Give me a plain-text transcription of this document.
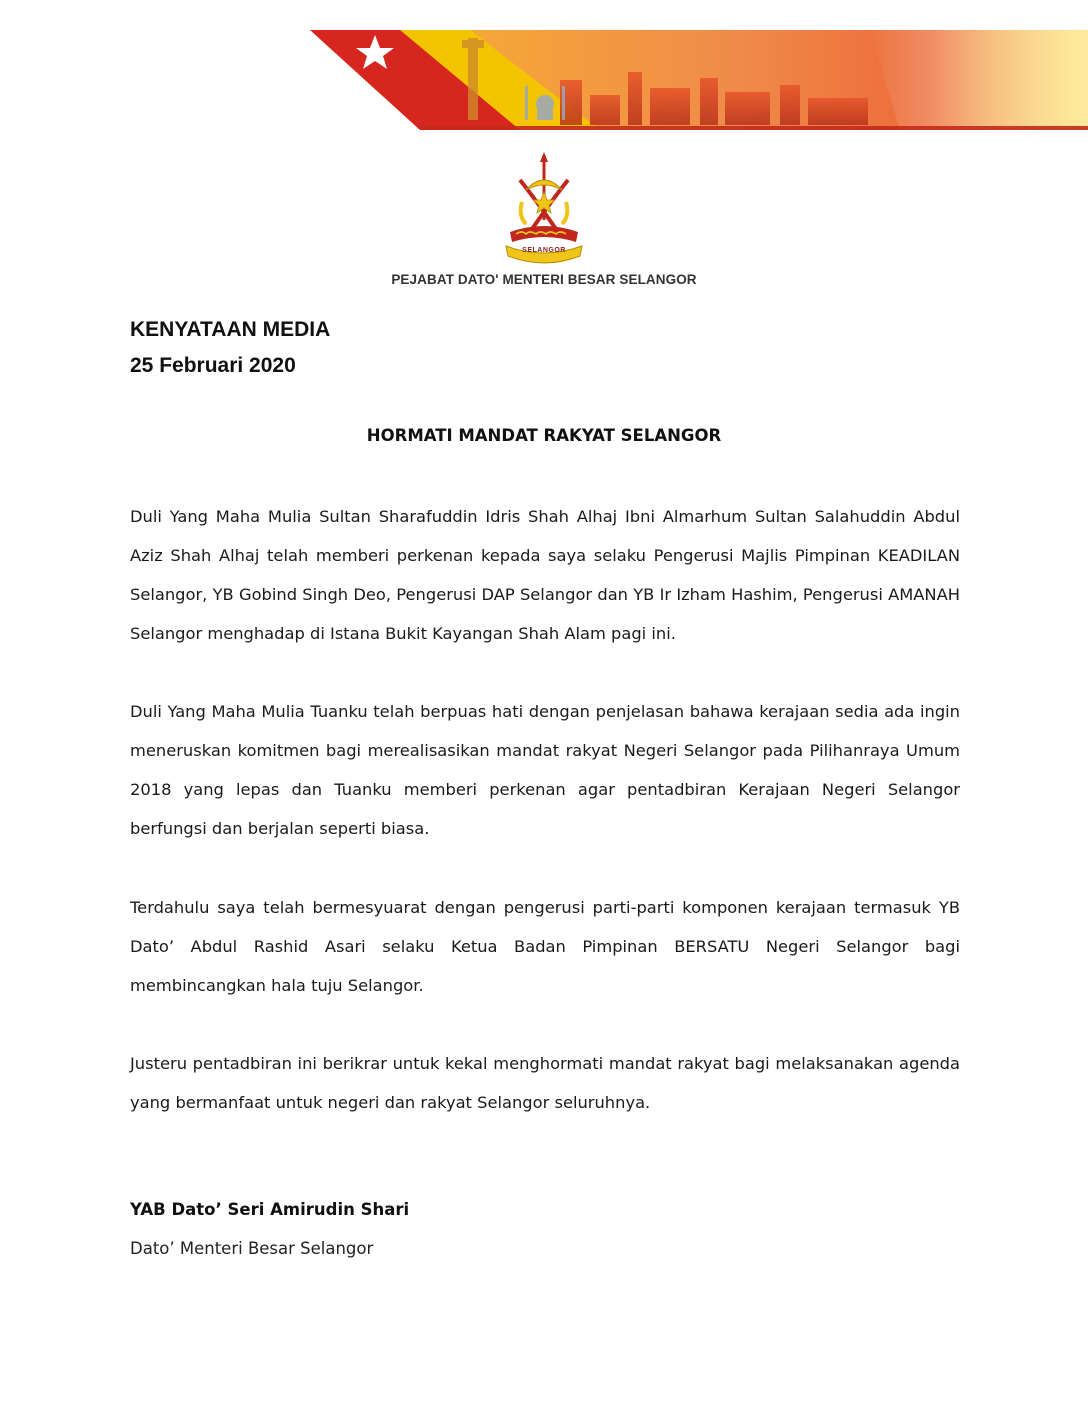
SELANGOR
PEJABAT DATO' MENTERI BESAR SELANGOR
KENYATAAN MEDIA
25 Februari 2020
HORMATI MANDAT RAKYAT SELANGOR

Duli Yang Maha Mulia Sultan Sharafuddin Idris Shah Alhaj Ibni Almarhum Sultan Salahuddin Abdul Aziz Shah Alhaj telah memberi perkenan kepada saya selaku Pengerusi Majlis Pimpinan KEADILAN Selangor, YB Gobind Singh Deo, Pengerusi DAP Selangor dan YB Ir Izham Hashim, Pengerusi AMANAH Selangor menghadap di Istana Bukit Kayangan Shah Alam pagi ini.

Duli Yang Maha Mulia Tuanku telah berpuas hati dengan penjelasan bahawa kerajaan sedia ada ingin meneruskan komitmen bagi merealisasikan mandat rakyat Negeri Selangor pada Pilihanraya Umum 2018 yang lepas dan Tuanku memberi perkenan agar pentadbiran Kerajaan Negeri Selangor berfungsi dan berjalan seperti biasa.

Terdahulu saya telah bermesyuarat dengan pengerusi parti-parti komponen kerajaan termasuk YB Dato’ Abdul Rashid Asari selaku Ketua Badan Pimpinan BERSATU Negeri Selangor bagi membincangkan hala tuju Selangor.

Justeru pentadbiran ini berikrar untuk kekal menghormati mandat rakyat bagi melaksanakan agenda yang bermanfaat untuk negeri dan rakyat Selangor seluruhnya.

YAB Dato’ Seri Amirudin Shari
Dato’ Menteri Besar Selangor
